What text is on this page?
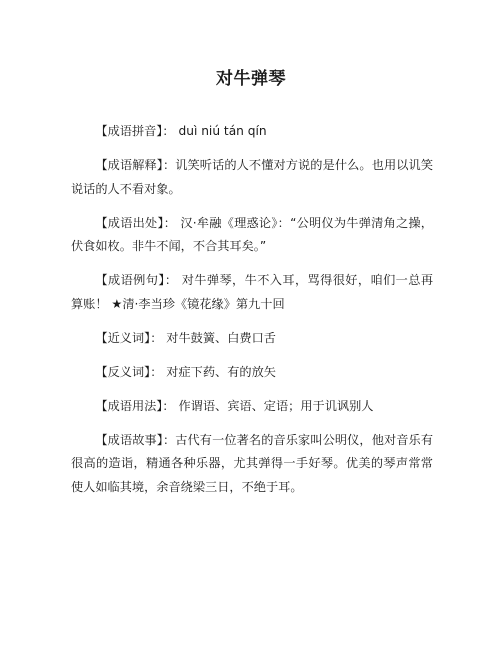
对牛弹琴

【成语拼音】： duì niú tán qín

【成语解释】：讥笑听话的人不懂对方说的是什么。也用以讥笑说话的人不看对象。

【成语出处】： 汉·牟融《理惑论》：“公明仪为牛弹清角之操，伏食如枚。非牛不闻，不合其耳矣。”

【成语例句】： 对牛弹琴，牛不入耳，骂得很好，咱们一总再算账！ ★清·李当珍《镜花缘》第九十回

【近义词】： 对牛鼓簧、白费口舌

【反义词】： 对症下药、有的放矢

【成语用法】： 作谓语、宾语、定语；用于讥讽别人

【成语故事】：古代有一位著名的音乐家叫公明仪，他对音乐有很高的造诣，精通各种乐器，尤其弹得一手好琴。优美的琴声常常使人如临其境，余音绕梁三日，不绝于耳。
